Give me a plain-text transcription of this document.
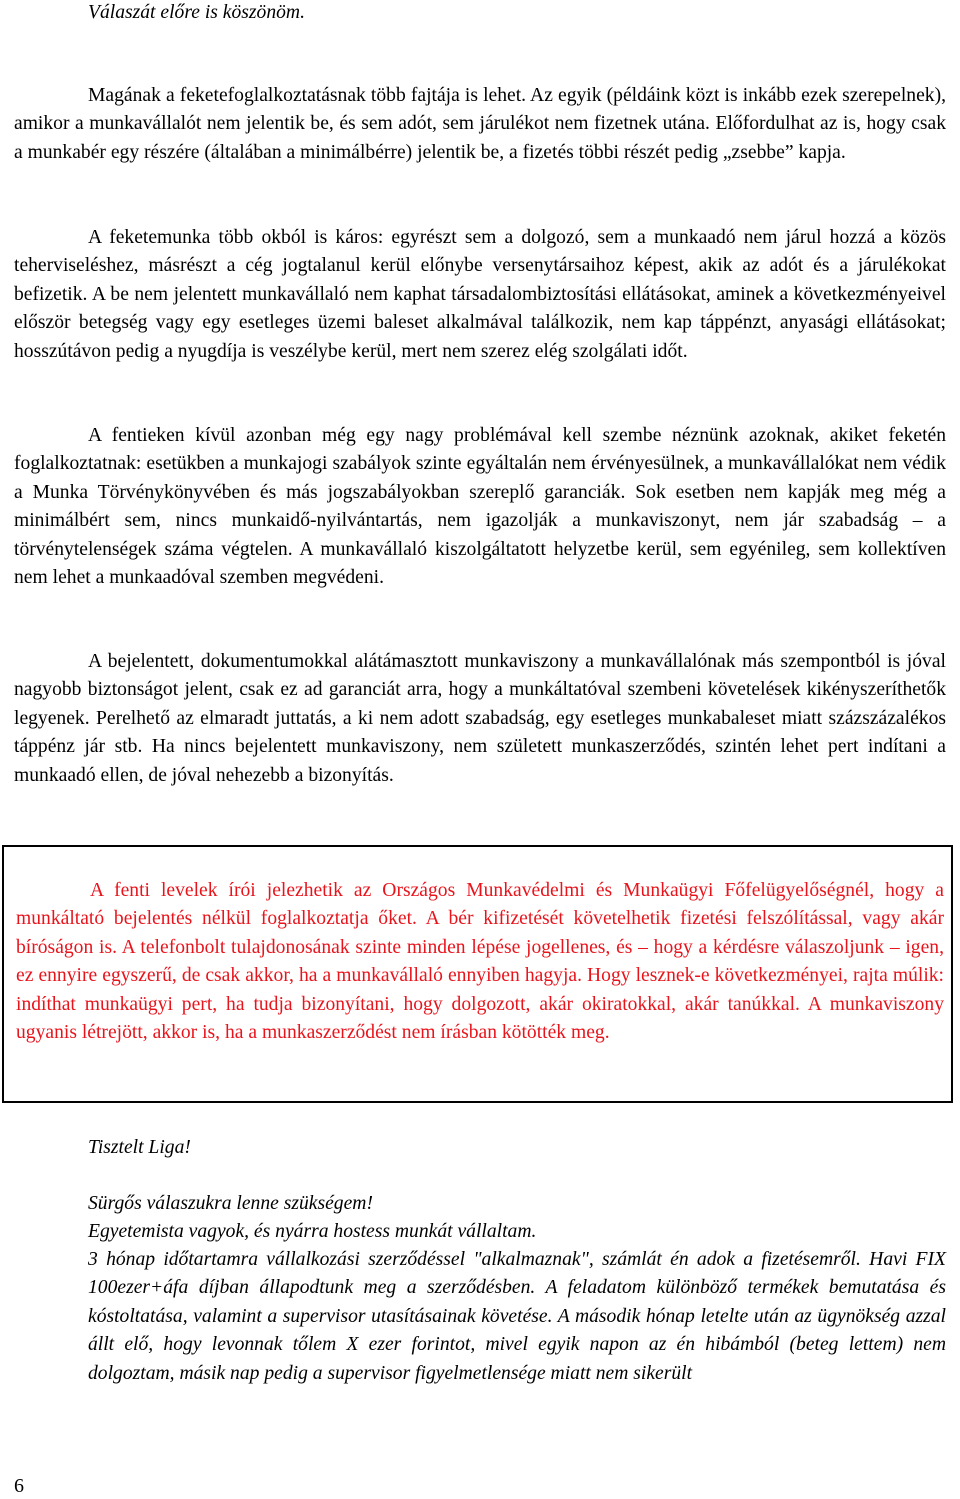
Válaszát előre is köszönöm.

Magának a feketefoglalkoztatásnak több fajtája is lehet. Az egyik (példáink közt is inkább ezek szerepelnek), amikor a munkavállalót nem jelentik be, és sem adót, sem járulékot nem fizetnek utána. Előfordulhat az is, hogy csak a munkabér egy részére (általában a minimálbérre) jelentik be, a fizetés többi részét pedig „zsebbe” kapja.

A feketemunka több okból is káros: egyrészt sem a dolgozó, sem a munkaadó nem járul hozzá a közös teherviseléshez, másrészt a cég jogtalanul kerül előnybe versenytársaihoz képest, akik az adót és a járulékokat befizetik. A be nem jelentett munkavállaló nem kaphat társadalombiztosítási ellátásokat, aminek a következményeivel először betegség vagy egy esetleges üzemi baleset alkalmával találkozik, nem kap táppénzt, anyasági ellátásokat; hosszútávon pedig a nyugdíja is veszélybe kerül, mert nem szerez elég szolgálati időt.

A fentieken kívül azonban még egy nagy problémával kell szembe néznünk azoknak, akiket feketén foglalkoztatnak: esetükben a munkajogi szabályok szinte egyáltalán nem érvényesülnek, a munkavállalókat nem védik a Munka Törvénykönyvében és más jogszabályokban szereplő garanciák. Sok esetben nem kapják meg még a minimálbért sem, nincs munkaidő-nyilvántartás, nem igazolják a munkaviszonyt, nem jár szabadság – a törvénytelenségek száma végtelen. A munkavállaló kiszolgáltatott helyzetbe kerül, sem egyénileg, sem kollektíven nem lehet a munkaadóval szemben megvédeni.

A bejelentett, dokumentumokkal alátámasztott munkaviszony a munkavállalónak más szempontból is jóval nagyobb biztonságot jelent, csak ez ad garanciát arra, hogy a munkáltatóval szembeni követelések kikényszeríthetők legyenek. Perelhető az elmaradt juttatás, a ki nem adott szabadság, egy esetleges munkabaleset miatt százszázalékos táppénz jár stb. Ha nincs bejelentett munkaviszony, nem született munkaszerződés, szintén lehet pert indítani a munkaadó ellen, de jóval nehezebb a bizonyítás.

A fenti levelek írói jelezhetik az Országos Munkavédelmi és Munkaügyi Főfelügyelőségnél, hogy a munkáltató bejelentés nélkül foglalkoztatja őket. A bér kifizetését követelhetik fizetési felszólítással, vagy akár bíróságon is. A telefonbolt tulajdonosának szinte minden lépése jogellenes, és – hogy a kérdésre válaszoljunk – igen, ez ennyire egyszerű, de csak akkor, ha a munkavállaló ennyiben hagyja. Hogy lesznek-e következményei, rajta múlik: indíthat munkaügyi pert, ha tudja bizonyítani, hogy dolgozott, akár okiratokkal, akár tanúkkal. A munkaviszony ugyanis létrejött, akkor is, ha a munkaszerződést nem írásban kötötték meg.

Tisztelt Liga!

Sürgős válaszukra lenne szükségem!

Egyetemista vagyok, és nyárra hostess munkát vállaltam.

3 hónap időtartamra vállalkozási szerződéssel "alkalmaznak", számlát én adok a fizetésemről. Havi FIX 100ezer+áfa díjban állapodtunk meg a szerződésben. A feladatom különböző termékek bemutatása és kóstoltatása, valamint a supervisor utasításainak követése. A második hónap letelte után az ügynökség azzal állt elő, hogy levonnak tőlem X ezer forintot, mivel egyik napon az én hibámból (beteg lettem) nem dolgoztam, másik nap pedig a supervisor figyelmetlensége miatt nem sikerült

6
